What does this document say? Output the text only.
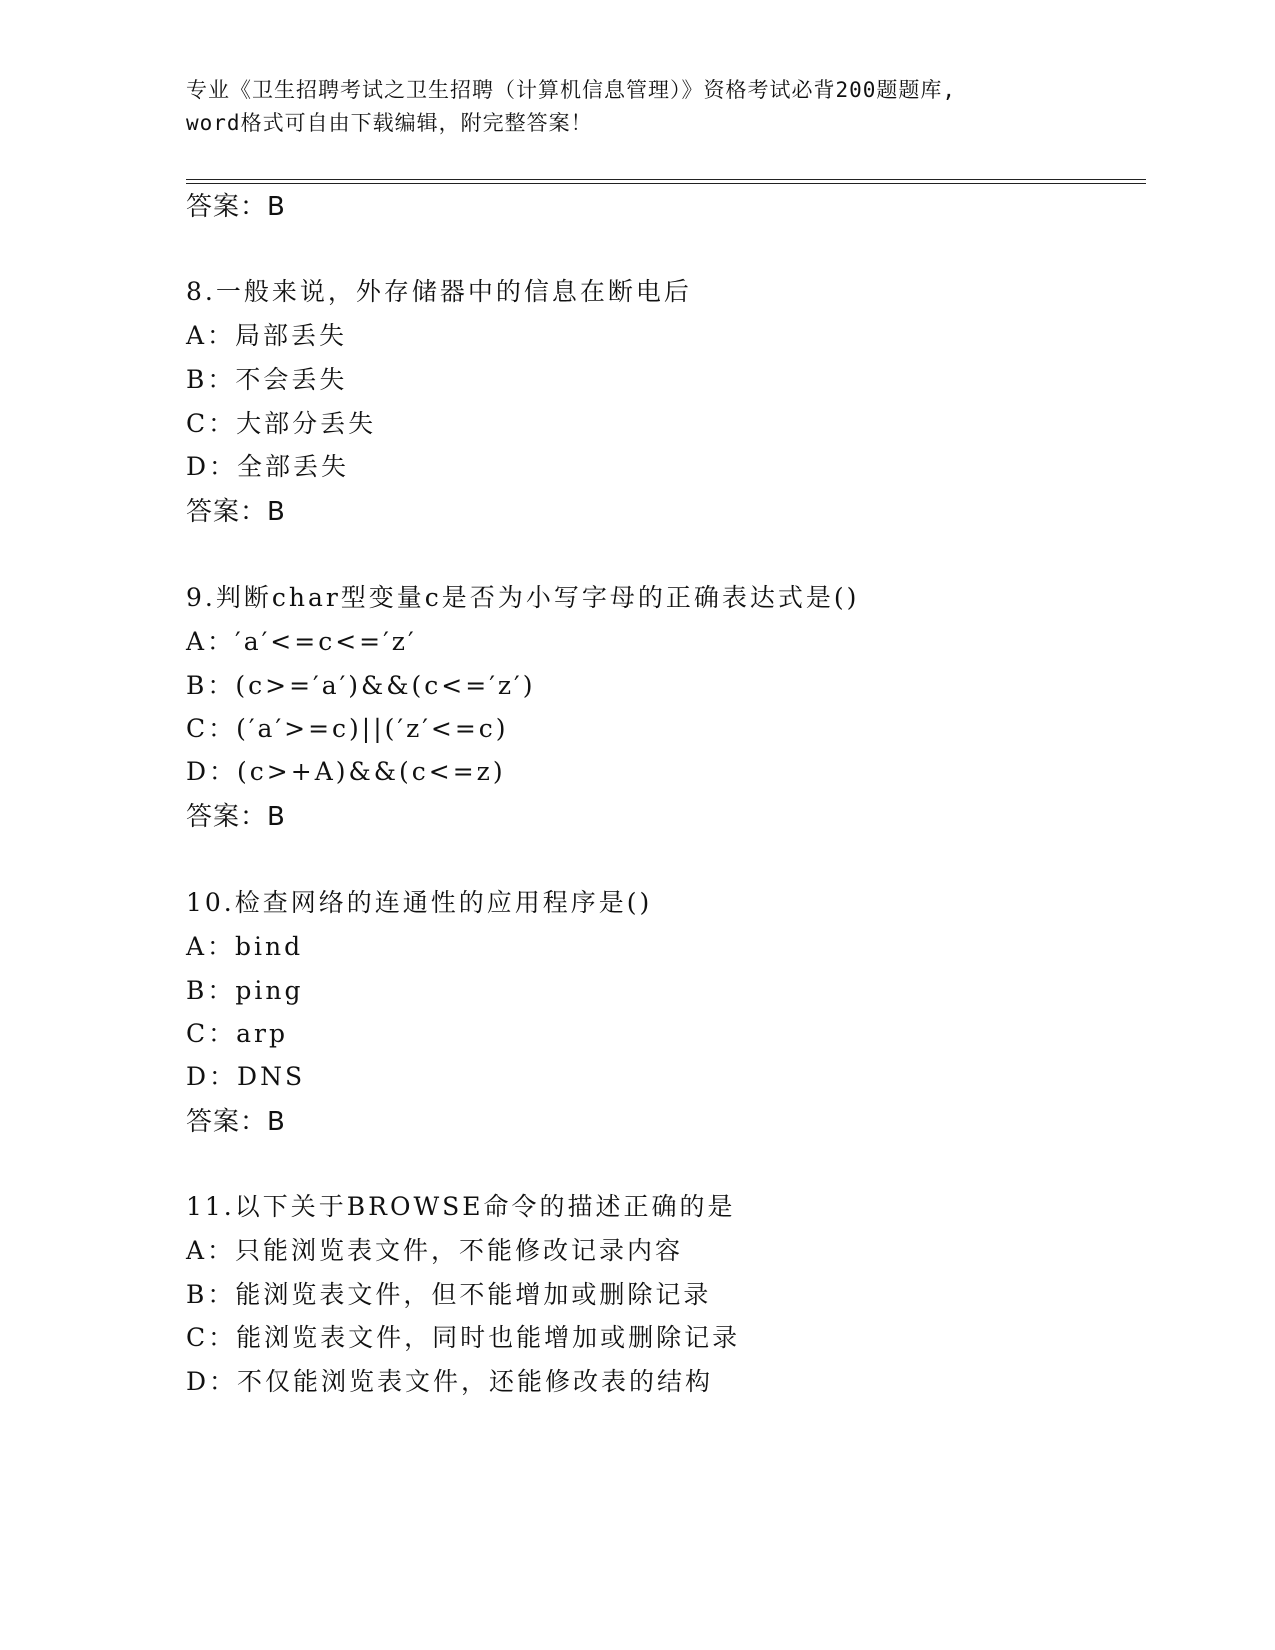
专业《卫生招聘考试之卫生招聘（计算机信息管理）》资格考试必背200题题库,
word格式可自由下载编辑，附完整答案！
答案：B
8.一般来说，外存储器中的信息在断电后
A：局部丢失
B：不会丢失
C：大部分丢失
D：全部丢失
答案：B
9.判断char型变量c是否为小写字母的正确表达式是()
A：′a′<=c<=′z′
B：(c>=′a′)&&(c<=′z′)
C：(′a′>=c)||(′z′<=c)
D：(c>+A)&&(c<=z)
答案：B
10.检查网络的连通性的应用程序是()
A：bind
B：ping
C：arp
D：DNS
答案：B
11.以下关于BROWSE命令的描述正确的是
A：只能浏览表文件，不能修改记录内容
B：能浏览表文件，但不能增加或删除记录
C：能浏览表文件，同时也能增加或删除记录
D：不仅能浏览表文件，还能修改表的结构
